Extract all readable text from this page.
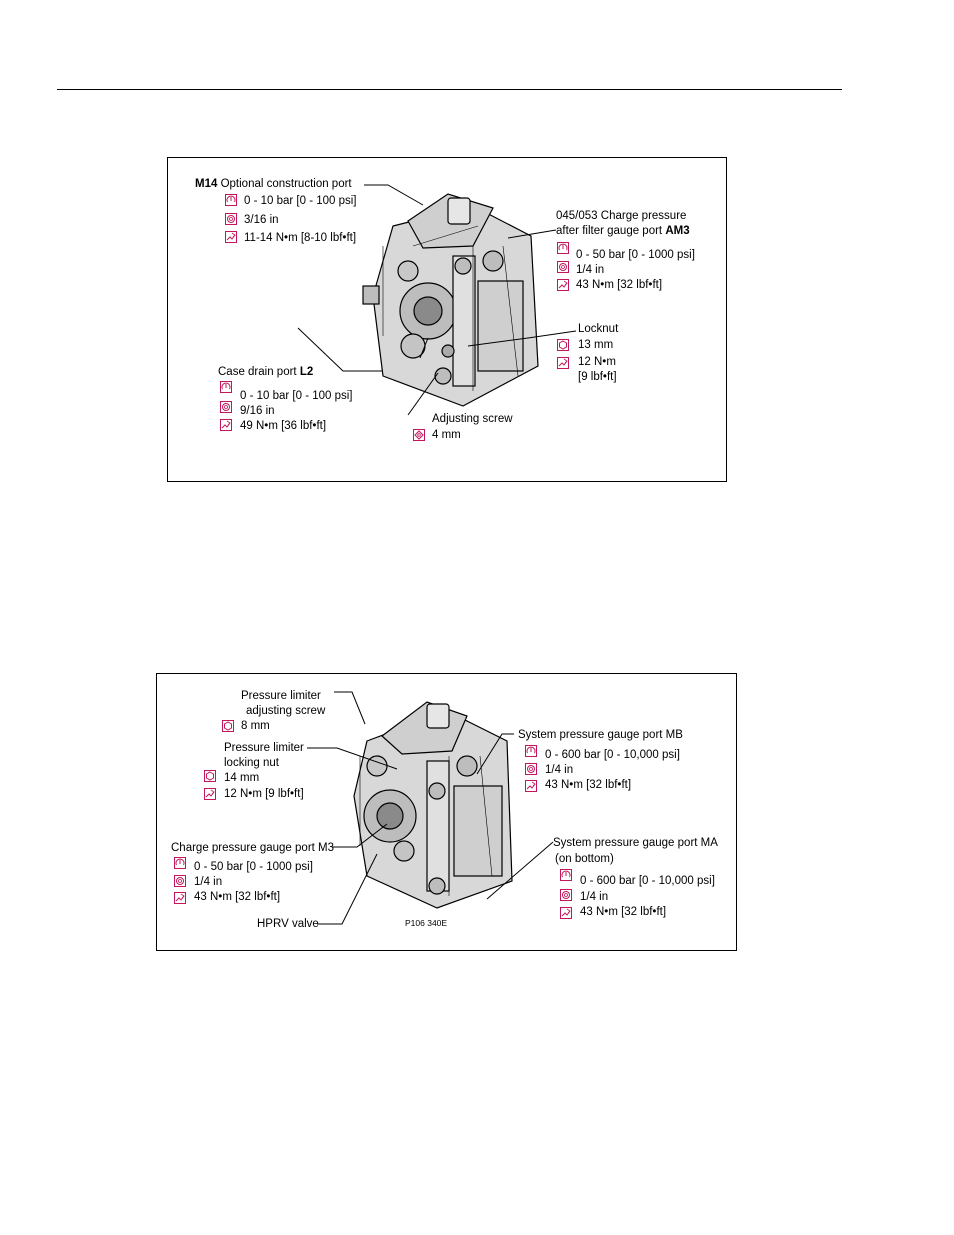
M14 Optional construction port
0 - 10 bar [0 - 100 psi]
3/16 in
11-14 N•m [8-10 lbf•ft]
045/053 Charge pressure
after filter gauge port AM3
0 - 50 bar [0 - 1000 psi]
1/4 in
43 N•m [32 lbf•ft]
Locknut
13 mm
12 N•m
[9 lbf•ft]
Case drain port L2
0 - 10 bar [0 - 100 psi]
9/16 in
49 N•m [36 lbf•ft]
Adjusting screw
4 mm
Pressure limiter
adjusting screw
8 mm
Pressure limiter
locking nut
14 mm
12 N•m [9 lbf•ft]
System pressure gauge port MB
0 - 600 bar [0 - 10,000 psi]
1/4 in
43 N•m [32 lbf•ft]
Charge pressure gauge port M3
0 - 50 bar [0 - 1000 psi]
1/4 in
43 N•m [32 lbf•ft]
HPRV valve
System pressure gauge port MA
(on bottom)
0 - 600 bar [0 - 10,000 psi]
1/4 in
43 N•m [32 lbf•ft]
P106 340E
